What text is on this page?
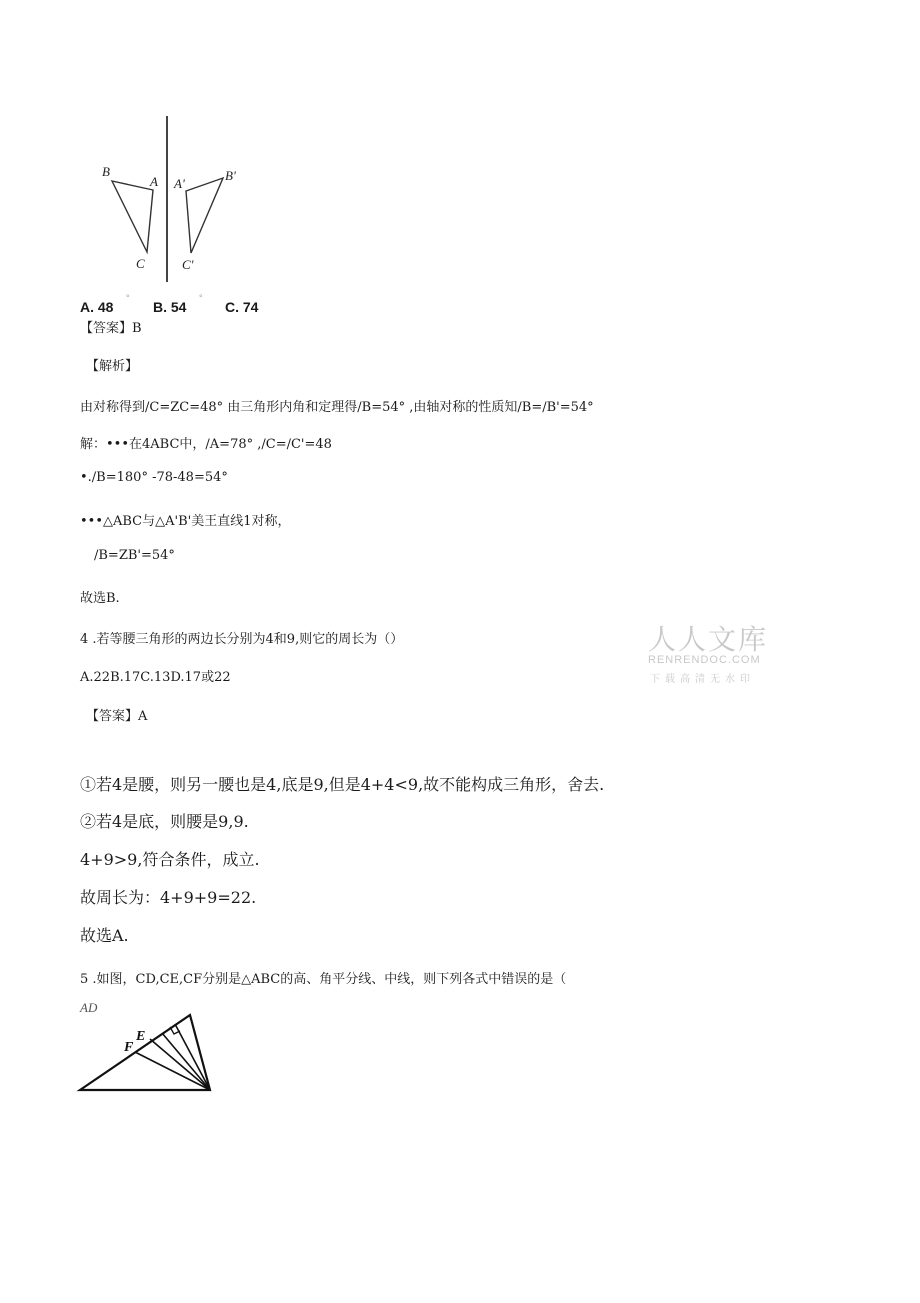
B
A
C
A'
B'
C'
A. 48
°
B. 54
°
C. 74
【答案】B
【解析】
由对称得到/C=ZC=48° 由三角形内角和定理得/B=54° ,由轴对称的性质知/B=/B'=54°
解：•••在4ABC中，/A=78° ,/C=/C'=48
•./B=180° -78-48=54°
•••△ABC与△A'B'美王直线1对称，
/B=ZB'=54°
故选B.
4 .若等腰三角形的两边长分别为4和9,则它的周长为（）
A.22B.17C.13D.17或22
【答案】A
①若4是腰，则另一腰也是4,底是9,但是4+4<9,故不能构成三角形，舍去.
②若4是底，则腰是9,9.
4+9>9,符合条件，成立.
故周长为：4+9+9=22.
故选A.
5 .如图，CD,CE,CF分别是△ABC的高、角平分线、中线，则下列各式中错误的是（
AD
F
E
人人文库
RENRENDOC.COM
下载高清无水印
